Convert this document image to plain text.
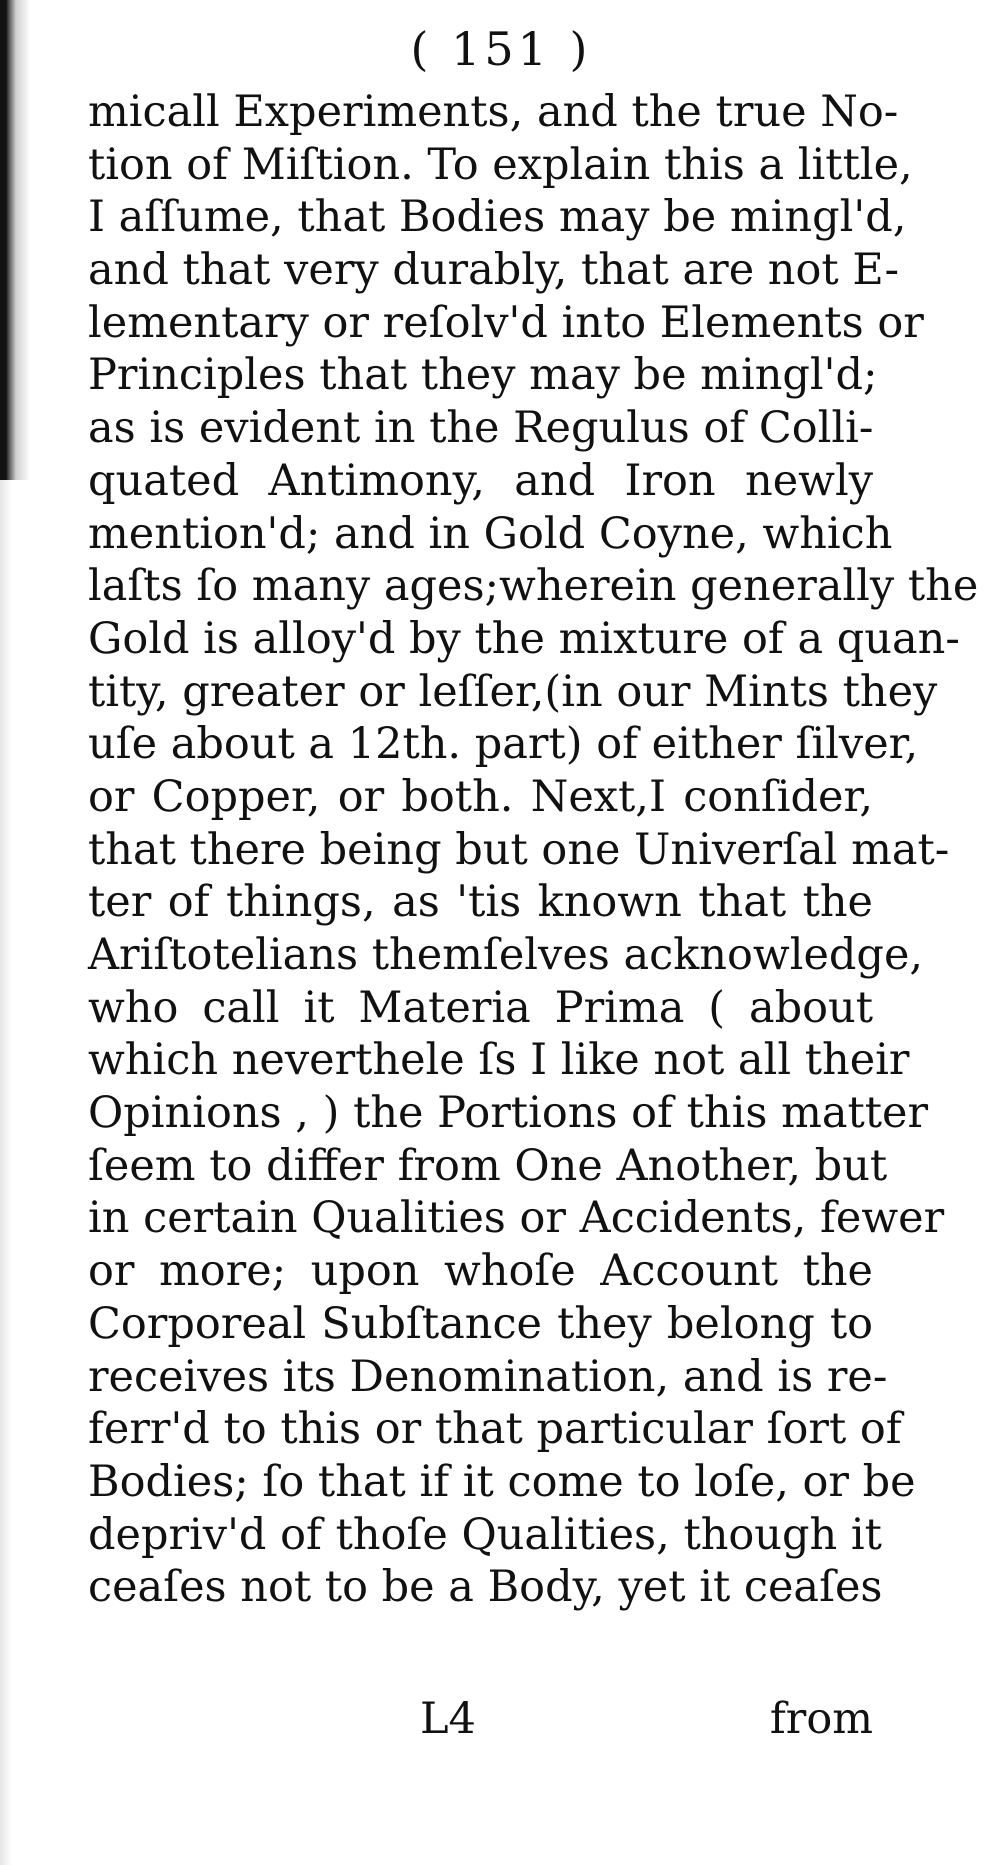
( 151 )
micall Experiments, and the true No-
tion of Miſtion. To explain this a little,
I aſſume, that Bodies may be mingl'd,
and that very durably, that are not E-
lementary or reſolv'd into Elements or
Principles that they may be mingl'd;
as is evident in the Regulus of Colli-
quated Antimony, and Iron newly
mention'd; and in Gold Coyne, which
laſts ſo many ages;wherein generally the
Gold is alloy'd by the mixture of a quan-
tity, greater or leſſer,(in our Mints they
uſe about a 12th. part) of either ſilver,
or Copper, or both. Next,I conſider,
that there being but one Univerſal mat-
ter of things, as 'tis known that the
Ariſtotelians themſelves acknowledge,
who call it Materia Prima ( about
which neverthele ſs I like not all their
Opinions , ) the Portions of this matter
ſeem to differ from One Another, but
in certain Qualities or Accidents, fewer
or more; upon whoſe Account the
Corporeal Subſtance they belong to
receives its Denomination, and is re-
ferr'd to this or that particular ſort of
Bodies; ſo that if it come to loſe, or be
depriv'd of thoſe Qualities, though it
ceaſes not to be a Body, yet it ceaſes
L4	from
